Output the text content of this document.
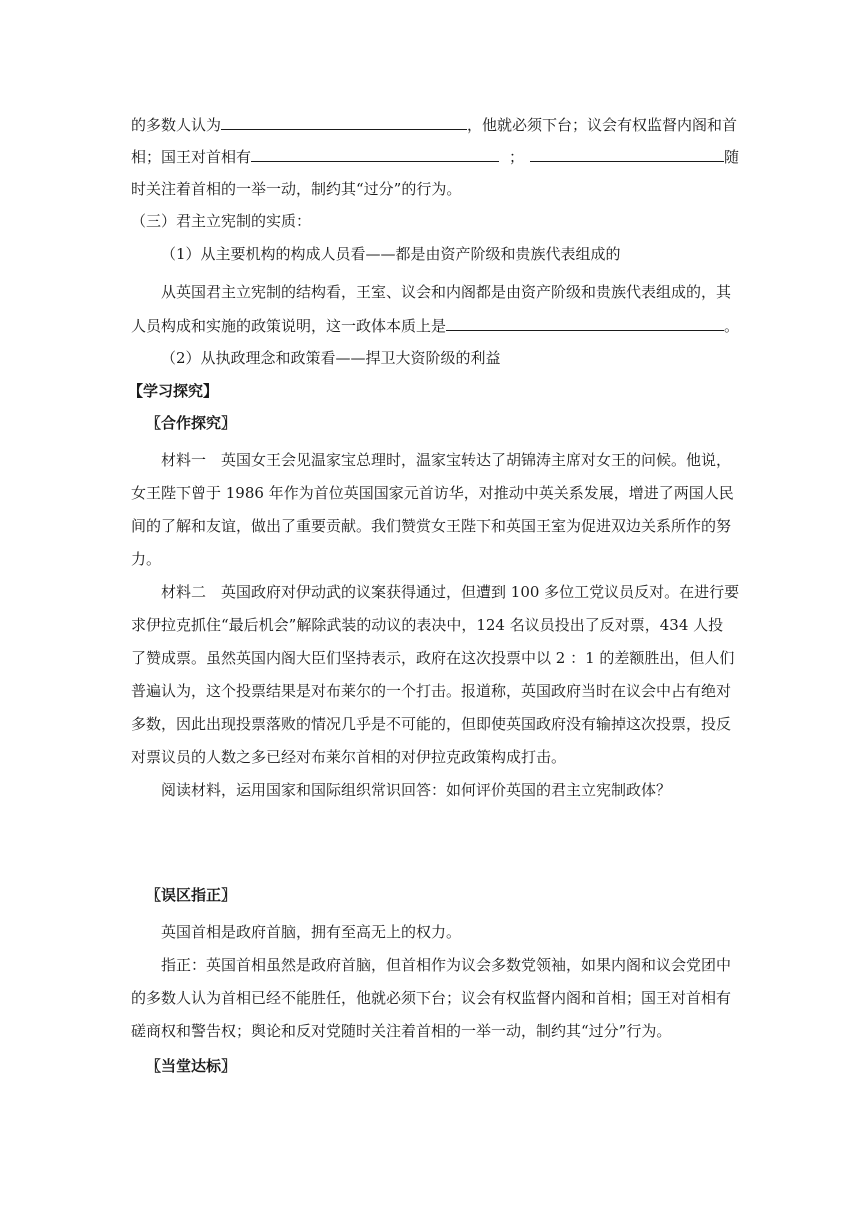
的多数人认为	，他就必须下台；议会有权监督内阁和首
相；国王对首相有	；	随
时关注着首相的一举一动，制约其“过分”的行为。
（三）君主立宪制的实质：
（1）从主要机构的构成人员看——都是由资产阶级和贵族代表组成的
从英国君主立宪制的结构看，王室、议会和内阁都是由资产阶级和贵族代表组成的，其
人员构成和实施的政策说明，这一政体本质上是	。
（2）从执政理念和政策看——捍卫大资阶级的利益
【学习探究】
〖合作探究〗
材料一　英国女王会见温家宝总理时，温家宝转达了胡锦涛主席对女王的问候。他说，
女王陛下曾于 1986 年作为首位英国国家元首访华，对推动中英关系发展，增进了两国人民
间的了解和友谊，做出了重要贡献。我们赞赏女王陛下和英国王室为促进双边关系所作的努
力。
材料二　英国政府对伊动武的议案获得通过，但遭到 100 多位工党议员反对。在进行要
求伊拉克抓住“最后机会”解除武装的动议的表决中，124 名议员投出了反对票，434 人投
了赞成票。虽然英国内阁大臣们坚持表示，政府在这次投票中以 2 ：1 的差额胜出，但人们
普遍认为，这个投票结果是对布莱尔的一个打击。报道称，英国政府当时在议会中占有绝对
多数，因此出现投票落败的情况几乎是不可能的，但即使英国政府没有输掉这次投票，投反
对票议员的人数之多已经对布莱尔首相的对伊拉克政策构成打击。
阅读材料，运用国家和国际组织常识回答：如何评价英国的君主立宪制政体？
〖误区指正〗
英国首相是政府首脑，拥有至高无上的权力。
指正：英国首相虽然是政府首脑，但首相作为议会多数党领袖，如果内阁和议会党团中
的多数人认为首相已经不能胜任，他就必须下台；议会有权监督内阁和首相；国王对首相有
磋商权和警告权；舆论和反对党随时关注着首相的一举一动，制约其“过分”行为。
〖当堂达标〗
